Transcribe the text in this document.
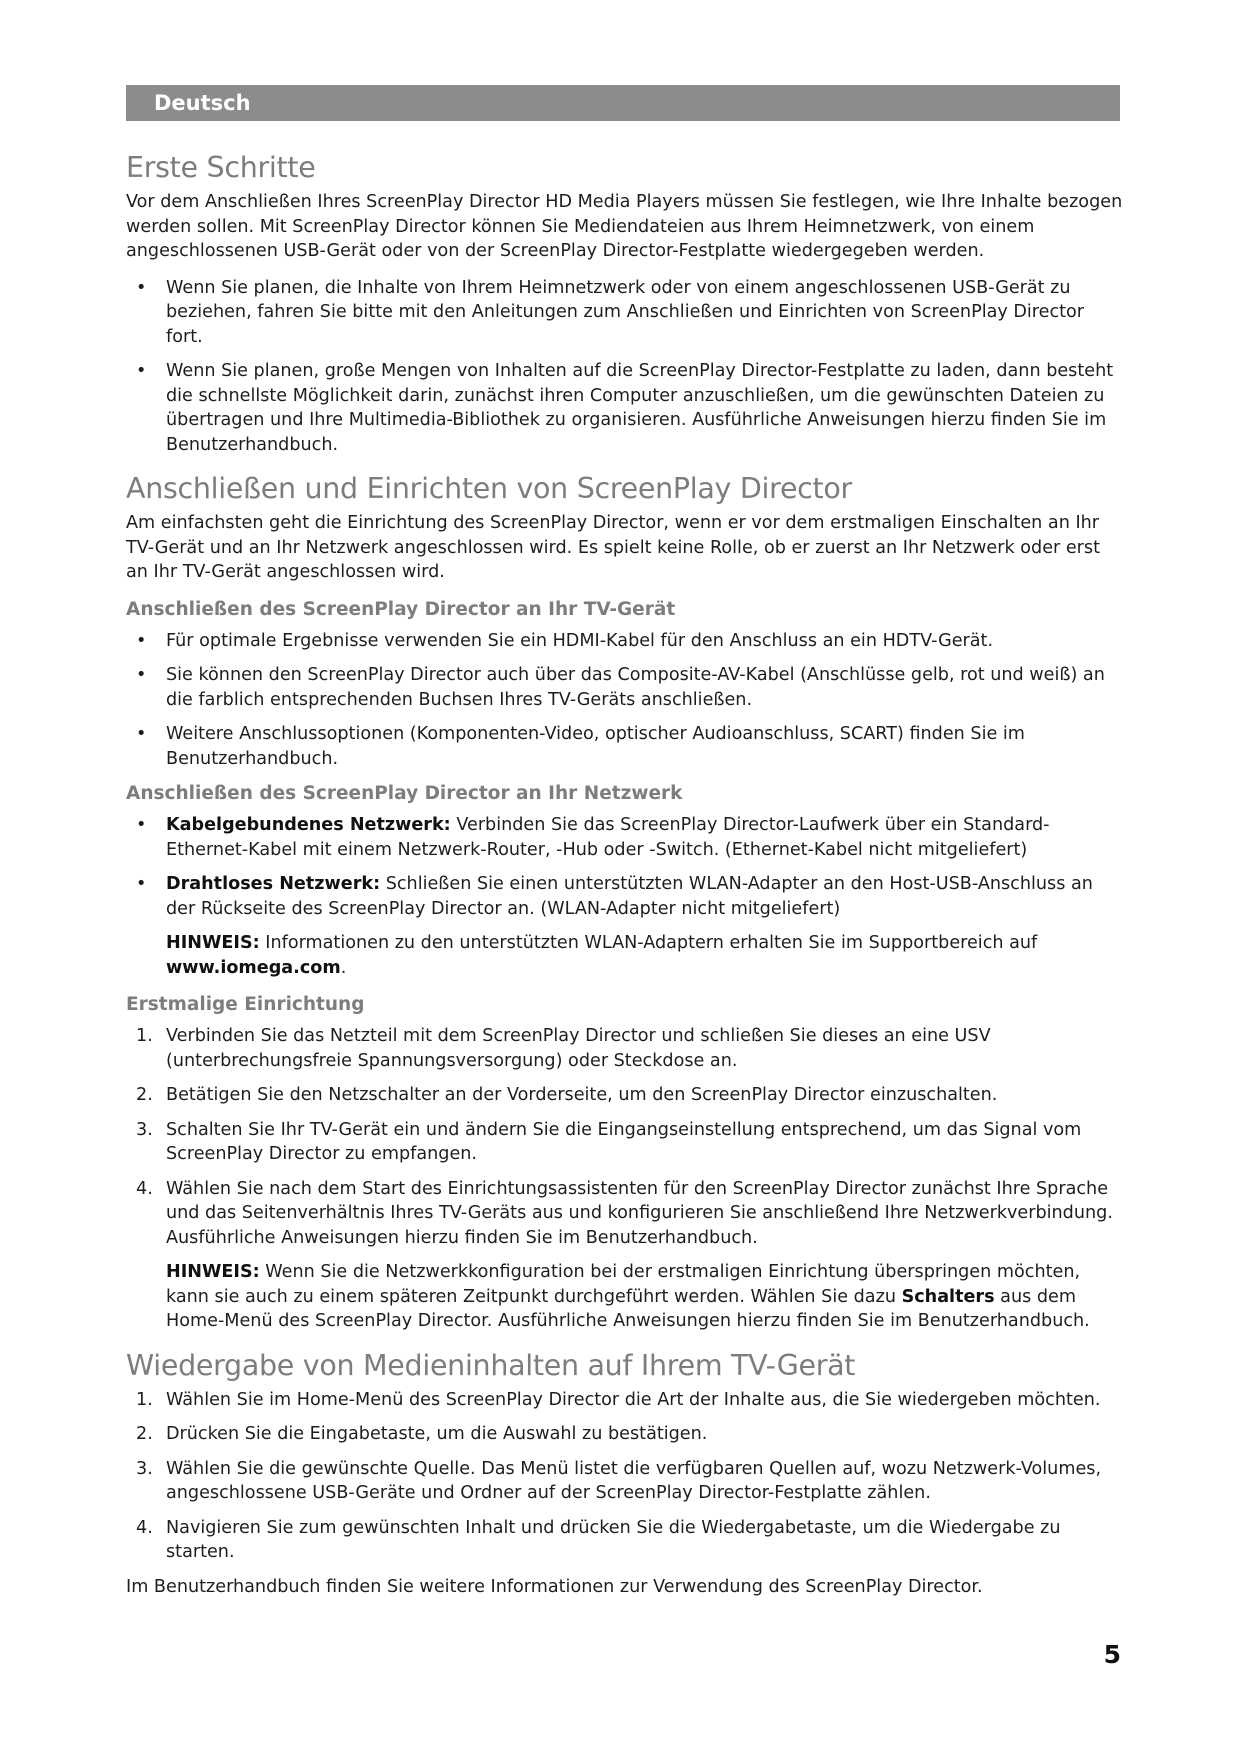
Deutsch
Erste Schritte

Vor dem Anschließen Ihres ScreenPlay Director HD Media Players müssen Sie festlegen, wie Ihre Inhalte bezogen werden sollen. Mit ScreenPlay Director können Sie Mediendateien aus Ihrem Heimnetzwerk, von einem angeschlossenen USB-Gerät oder von der ScreenPlay Director-Festplatte wiedergegeben werden.

• Wenn Sie planen, die Inhalte von Ihrem Heimnetzwerk oder von einem angeschlossenen USB-Gerät zu beziehen, fahren Sie bitte mit den Anleitungen zum Anschließen und Einrichten von ScreenPlay Director fort.
• Wenn Sie planen, große Mengen von Inhalten auf die ScreenPlay Director-Festplatte zu laden, dann besteht die schnellste Möglichkeit darin, zunächst ihren Computer anzuschließen, um die gewünschten Dateien zu übertragen und Ihre Multimedia-Bibliothek zu organisieren. Ausführliche Anweisungen hierzu finden Sie im Benutzerhandbuch.
Anschließen und Einrichten von ScreenPlay Director

Am einfachsten geht die Einrichtung des ScreenPlay Director, wenn er vor dem erstmaligen Einschalten an Ihr TV-Gerät und an Ihr Netzwerk angeschlossen wird. Es spielt keine Rolle, ob er zuerst an Ihr Netzwerk oder erst an Ihr TV-Gerät angeschlossen wird.

Anschließen des ScreenPlay Director an Ihr TV-Gerät
• Für optimale Ergebnisse verwenden Sie ein HDMI-Kabel für den Anschluss an ein HDTV-Gerät.
• Sie können den ScreenPlay Director auch über das Composite-AV-Kabel (Anschlüsse gelb, rot und weiß) an die farblich entsprechenden Buchsen Ihres TV-Geräts anschließen.
• Weitere Anschlussoptionen (Komponenten-Video, optischer Audioanschluss, SCART) finden Sie im Benutzerhandbuch.
Anschließen des ScreenPlay Director an Ihr Netzwerk
• Kabelgebundenes Netzwerk: Verbinden Sie das ScreenPlay Director-Laufwerk über ein Standard-Ethernet-Kabel mit einem Netzwerk-Router, -Hub oder -Switch. (Ethernet-Kabel nicht mitgeliefert)
• Drahtloses Netzwerk: Schließen Sie einen unterstützten WLAN-Adapter an den Host-USB-Anschluss an der Rückseite des ScreenPlay Director an. (WLAN-Adapter nicht mitgeliefert)

HINWEIS: Informationen zu den unterstützten WLAN-Adaptern erhalten Sie im Supportbereich auf www.iomega.com.

Erstmalige Einrichtung
1. Verbinden Sie das Netzteil mit dem ScreenPlay Director und schließen Sie dieses an eine USV (unterbrechungsfreie Spannungsversorgung) oder Steckdose an.
2. Betätigen Sie den Netzschalter an der Vorderseite, um den ScreenPlay Director einzuschalten.
3. Schalten Sie Ihr TV-Gerät ein und ändern Sie die Eingangseinstellung entsprechend, um das Signal vom ScreenPlay Director zu empfangen.
4. Wählen Sie nach dem Start des Einrichtungsassistenten für den ScreenPlay Director zunächst Ihre Sprache und das Seitenverhältnis Ihres TV-Geräts aus und konfigurieren Sie anschließend Ihre Netzwerkverbindung. Ausführliche Anweisungen hierzu finden Sie im Benutzerhandbuch.

HINWEIS: Wenn Sie die Netzwerkkonfiguration bei der erstmaligen Einrichtung überspringen möchten, kann sie auch zu einem späteren Zeitpunkt durchgeführt werden. Wählen Sie dazu Schalters aus dem Home-Menü des ScreenPlay Director. Ausführliche Anweisungen hierzu finden Sie im Benutzerhandbuch.

Wiedergabe von Medieninhalten auf Ihrem TV-Gerät
1. Wählen Sie im Home-Menü des ScreenPlay Director die Art der Inhalte aus, die Sie wiedergeben möchten.
2. Drücken Sie die Eingabetaste, um die Auswahl zu bestätigen.
3. Wählen Sie die gewünschte Quelle. Das Menü listet die verfügbaren Quellen auf, wozu Netzwerk-Volumes, angeschlossene USB-Geräte und Ordner auf der ScreenPlay Director-Festplatte zählen.
4. Navigieren Sie zum gewünschten Inhalt und drücken Sie die Wiedergabetaste, um die Wiedergabe zu starten.

Im Benutzerhandbuch finden Sie weitere Informationen zur Verwendung des ScreenPlay Director.

5
